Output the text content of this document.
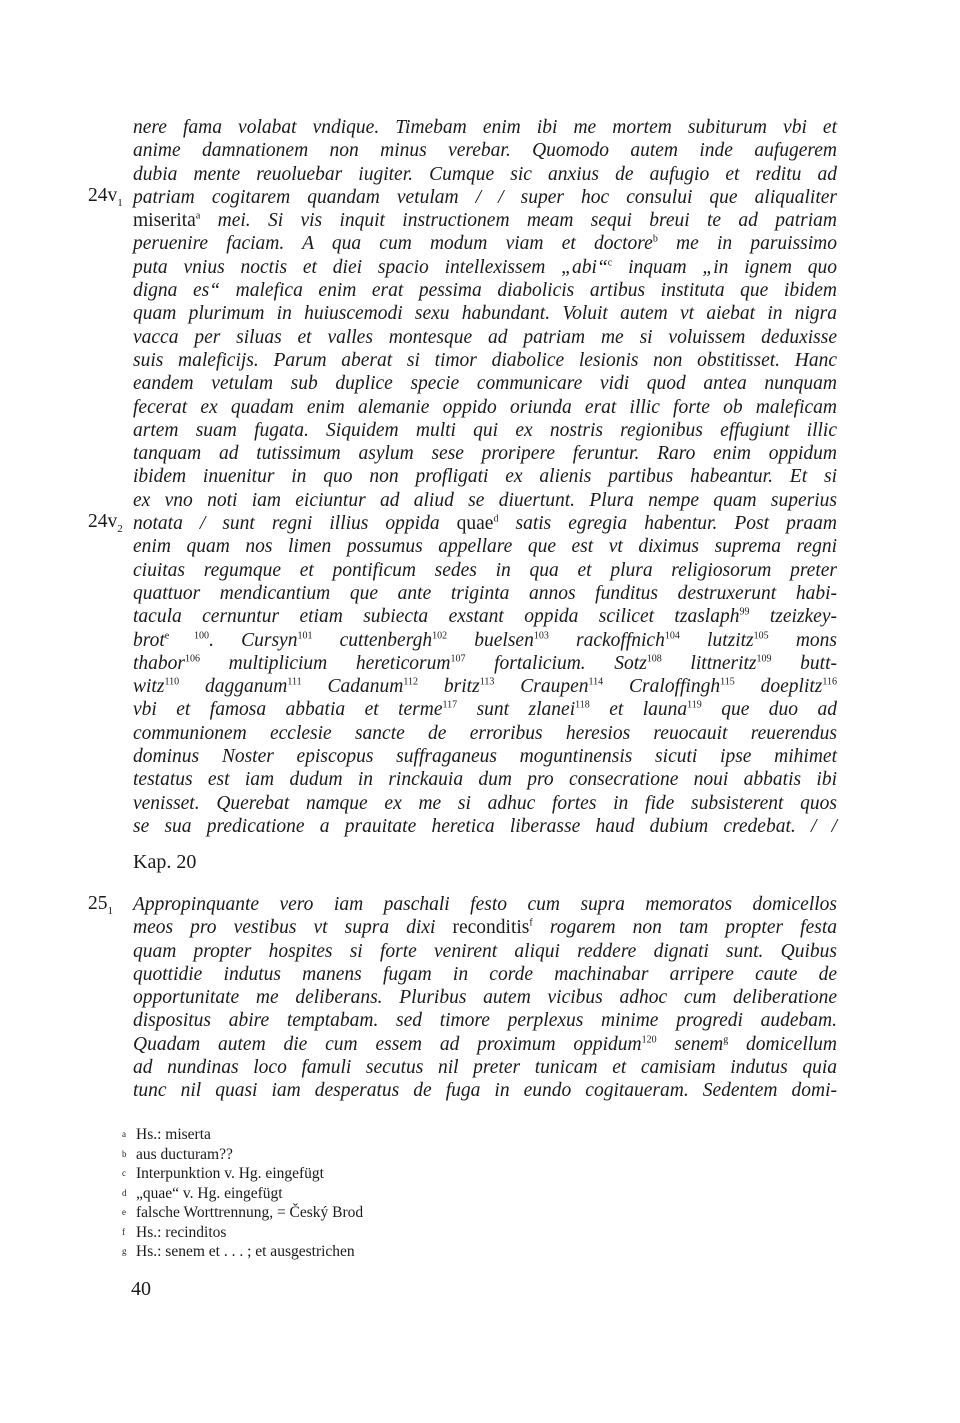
$24v_1$
$24v_2$
$25_1$
nere fama volabat vndique. Timebam enim ibi me mortem subiturum vbi et
anime damnationem non minus verebar. Quomodo autem inde aufugerem
dubia mente reuoluebar iugiter. Cumque sic anxius de aufugio et reditu ad
patriam cogitarem quandam vetulam / / super hoc consului que aliqualiter
miserita$^a$ mei. Si vis inquit instructionem meam sequi breui te ad patriam
peruenire faciam. A qua cum modum viam et doctore$^b$ me in paruissimo
puta vnius noctis et diei spacio intellexissem „abi“$^c$ inquam „in ignem quo
digna es“ malefica enim erat pessima diabolicis artibus instituta que ibidem
quam plurimum in huiuscemodi sexu habundant. Voluit autem vt aiebat in nigra
vacca per siluas et valles montesque ad patriam me si voluissem deduxisse
suis maleficijs. Parum aberat si timor diabolice lesionis non obstitisset. Hanc
eandem vetulam sub duplice specie communicare vidi quod antea nunquam
fecerat ex quadam enim alemanie oppido oriunda erat illic forte ob maleficam
artem suam fugata. Siquidem multi qui ex nostris regionibus effugiunt illic
tanquam ad tutissimum asylum sese proripere feruntur. Raro enim oppidum
ibidem inuenitur in quo non profligati ex alienis partibus habeantur. Et si
ex vno noti iam eiciuntur ad aliud se diuertunt. Plura nempe quam superius
notata / sunt regni illius oppida quae$^d$ satis egregia habentur. Post praam
enim quam nos limen possumus appellare que est vt diximus suprema regni
ciuitas regumque et pontificum sedes in qua et plura religiosorum preter
quattuor mendicantium que ante triginta annos funditus destruxerunt habi-
tacula cernuntur etiam subiecta exstant oppida scilicet tzaslaph$^{99}$ tzeizkey-
brot$^{e 100}$. Cursyn$^{101}$ cuttenbergh$^{102}$ buelsen$^{103}$ rackoffnich$^{104}$ lutzitz$^{105}$ mons
thabor$^{106}$ multiplicium hereticorum$^{107}$ fortalicium. Sotz$^{108}$ littneritz$^{109}$ butt-
witz$^{110}$ dagganum$^{111}$ Cadanum$^{112}$ britz$^{113}$ Craupen$^{114}$ Craloffingh$^{115}$ doeplitz$^{116}$
vbi et famosa abbatia et terme$^{117}$ sunt zlanei$^{118}$ et launa$^{119}$ que duo ad
communionem ecclesie sancte de erroribus heresios reuocauit reuerendus
dominus Noster episcopus suffraganeus moguntinensis sicuti ipse mihimet
testatus est iam dudum in rinckauia dum pro consecratione noui abbatis ibi
venisset. Querebat namque ex me si adhuc fortes in fide subsisterent quos
se sua predicatione a prauitate heretica liberasse haud dubium credebat. / /
Kap. 20
Appropinquante vero iam paschali festo cum supra memoratos domicellos
meos pro vestibus vt supra dixi reconditis$^f$ rogarem non tam propter festa
quam propter hospites si forte venirent aliqui reddere dignati sunt. Quibus
quottidie indutus manens fugam in corde machinabar arripere caute de
opportunitate me deliberans. Pluribus autem vicibus adhoc cum deliberatione
dispositus abire temptabam. sed timore perplexus minime progredi audebam.
Quadam autem die cum essem ad proximum oppidum$^{120}$ senem$^g$ domicellum
ad nundinas loco famuli secutus nil preter tunicam et camisiam indutus quia
tunc nil quasi iam desperatus de fuga in eundo cogitaueram. Sedentem domi-
a Hs.: miserta
b aus ducturam??
c Interpunktion v. Hg. eingefügt
d „quae“ v. Hg. eingefügt
e falsche Worttrennung, = Český Brod
f Hs.: recinditos
g Hs.: senem et . . . ; et ausgestrichen
40
